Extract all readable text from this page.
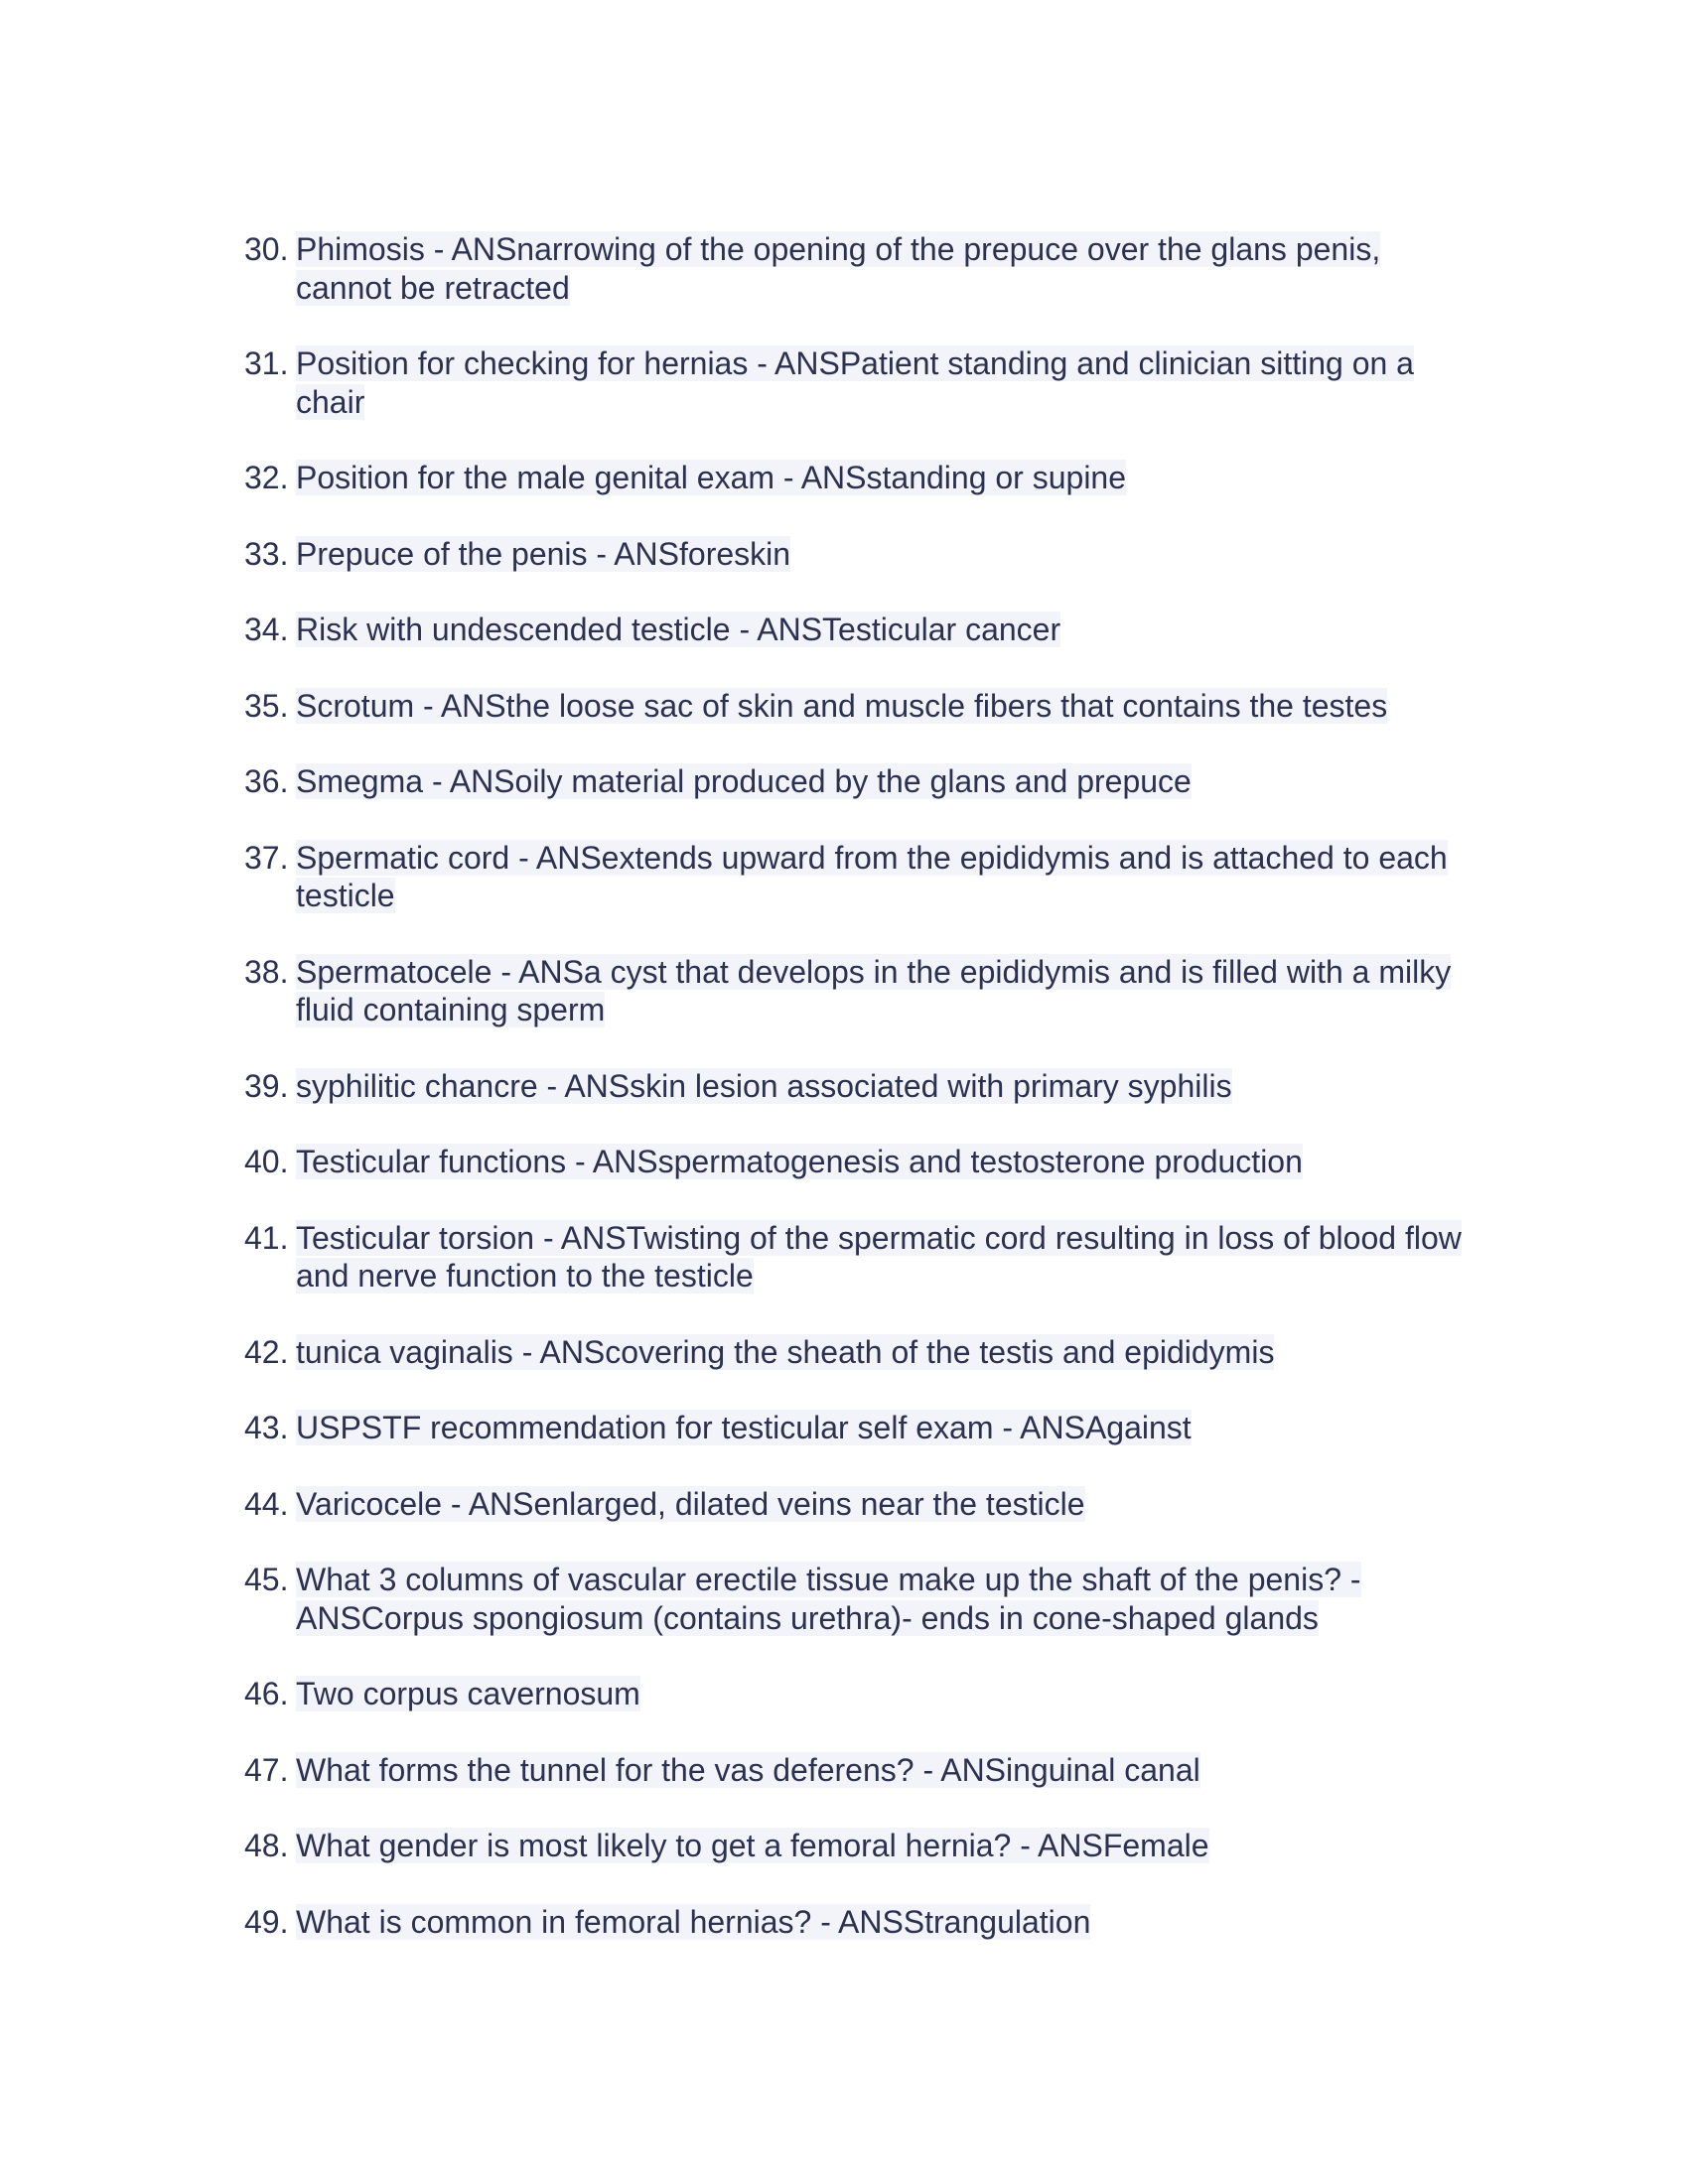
30. Phimosis - ANSnarrowing of the opening of the prepuce over the glans penis, cannot be retracted
31. Position for checking for hernias - ANSPatient standing and clinician sitting on a chair
32. Position for the male genital exam - ANSstanding or supine
33. Prepuce of the penis - ANSforeskin
34. Risk with undescended testicle - ANSTesticular cancer
35. Scrotum - ANSthe loose sac of skin and muscle fibers that contains the testes
36. Smegma - ANSoily material produced by the glans and prepuce
37. Spermatic cord - ANSextends upward from the epididymis and is attached to each testicle
38. Spermatocele - ANSa cyst that develops in the epididymis and is filled with a milky fluid containing sperm
39. syphilitic chancre - ANSskin lesion associated with primary syphilis
40. Testicular functions - ANSspermatogenesis and testosterone production
41. Testicular torsion - ANSTwisting of the spermatic cord resulting in loss of blood flow and nerve function to the testicle
42. tunica vaginalis - ANScovering the sheath of the testis and epididymis
43. USPSTF recommendation for testicular self exam - ANSAgainst
44. Varicocele - ANSenlarged, dilated veins near the testicle
45. What 3 columns of vascular erectile tissue make up the shaft of the penis? - ANSCorpus spongiosum (contains urethra)- ends in cone-shaped glands
46. Two corpus cavernosum
47. What forms the tunnel for the vas deferens? - ANSinguinal canal
48. What gender is most likely to get a femoral hernia? - ANSFemale
49. What is common in femoral hernias? - ANSStrangulation
